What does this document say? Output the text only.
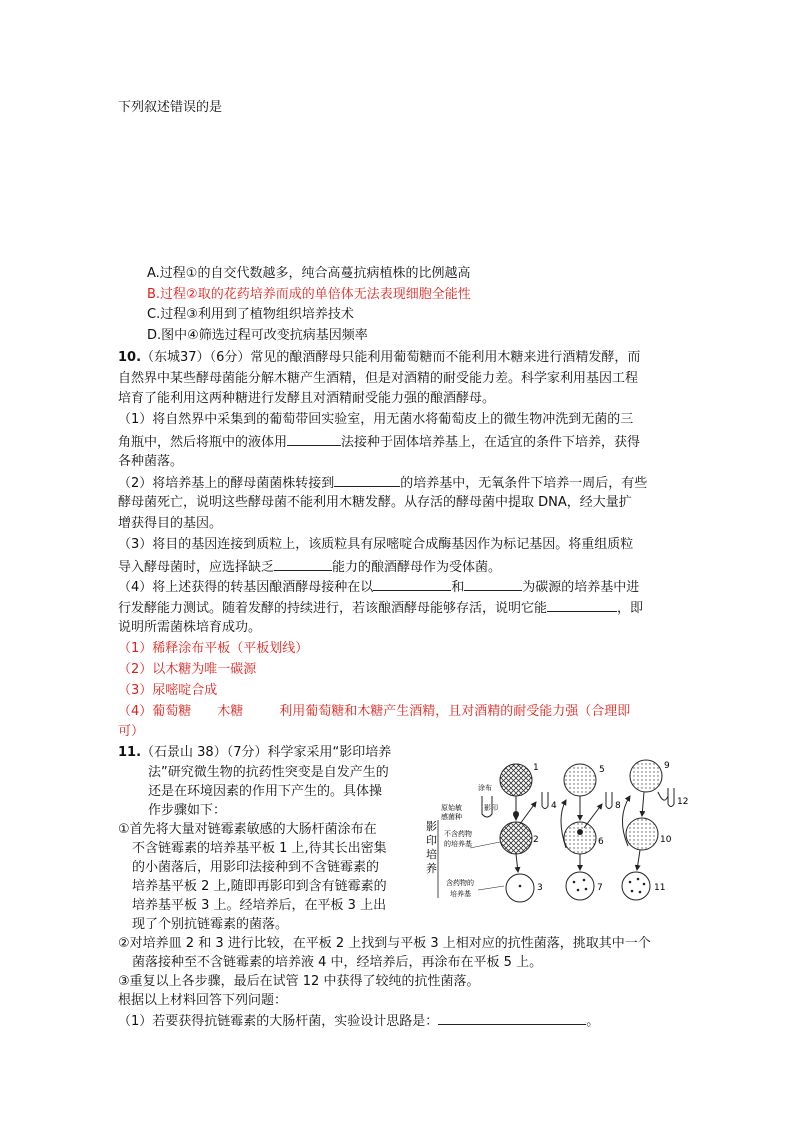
下列叙述错误的是
A.过程①的自交代数越多，纯合高蔓抗病植株的比例越高
B.过程②取的花药培养而成的单倍体无法表现细胞全能性
C.过程③利用到了植物组织培养技术
D.图中④筛选过程可改变抗病基因频率
10.（东城37）（6分）常见的酿酒酵母只能利用葡萄糖而不能利用木糖来进行酒精发酵，而
自然界中某些酵母菌能分解木糖产生酒精，但是对酒精的耐受能力差。科学家利用基因工程
培育了能利用这两种糖进行发酵且对酒精耐受能力强的酿酒酵母。
（1）将自然界中采集到的葡萄带回实验室，用无菌水将葡萄皮上的微生物冲洗到无菌的三
角瓶中，然后将瓶中的液体用	法接种于固体培养基上，在适宜的条件下培养，获得
各种菌落。
（2）将培养基上的酵母菌菌株转接到	的培养基中，无氧条件下培养一周后，有些
酵母菌死亡，说明这些酵母菌不能利用木糖发酵。从存活的酵母菌中提取 DNA，经大量扩
增获得目的基因。
（3）将目的基因连接到质粒上，该质粒具有尿嘧啶合成酶基因作为标记基因。将重组质粒
导入酵母菌时，应选择缺乏	能力的酿酒酵母作为受体菌。
（4）将上述获得的转基因酿酒酵母接种在以	和	为碳源的培养基中进
行发酵能力测试。随着发酵的持续进行，若该酿酒酵母能够存活，说明它能	，即
说明所需菌株培育成功。
（1）稀释涂布平板（平板划线）
（2）以木糖为唯一碳源
（3）尿嘧啶合成
（4）葡萄糖 木糖	利用葡萄糖和木糖产生酒精，且对酒精的耐受能力强（合理即
可）
11.（石景山 38）（7分）科学家采用“影印培养
法”研究微生物的抗药性突变是自发产生的
还是在环境因素的作用下产生的。具体操
作步骤如下：
①首先将大量对链霉素敏感的大肠杆菌涂布在
不含链霉素的培养基平板 1 上,待其长出密集
的小菌落后，用影印法接种到不含链霉素的
培养基平板 2 上,随即再影印到含有链霉素的
培养基平板 3 上。经培养后，在平板 3 上出
现了个别抗链霉素的菌落。
②对培养皿 2 和 3 进行比较，在平板 2 上找到与平板 3 上相对应的抗性菌落，挑取其中一个
菌落接种至不含链霉素的培养液 4 中，经培养后，再涂布在平板 5 上。
③重复以上各步骤，最后在试管 12 中获得了较纯的抗性菌落。
根据以上材料回答下列问题：
（1）若要获得抗链霉素的大肠杆菌，实验设计思路是：	。
影
印
培
养
原始敏
感菌种
涂布
影印
不含药物
的培养基
含药物的
培养基
1
2
3
4
5
6
7
8
9
10
11
12
